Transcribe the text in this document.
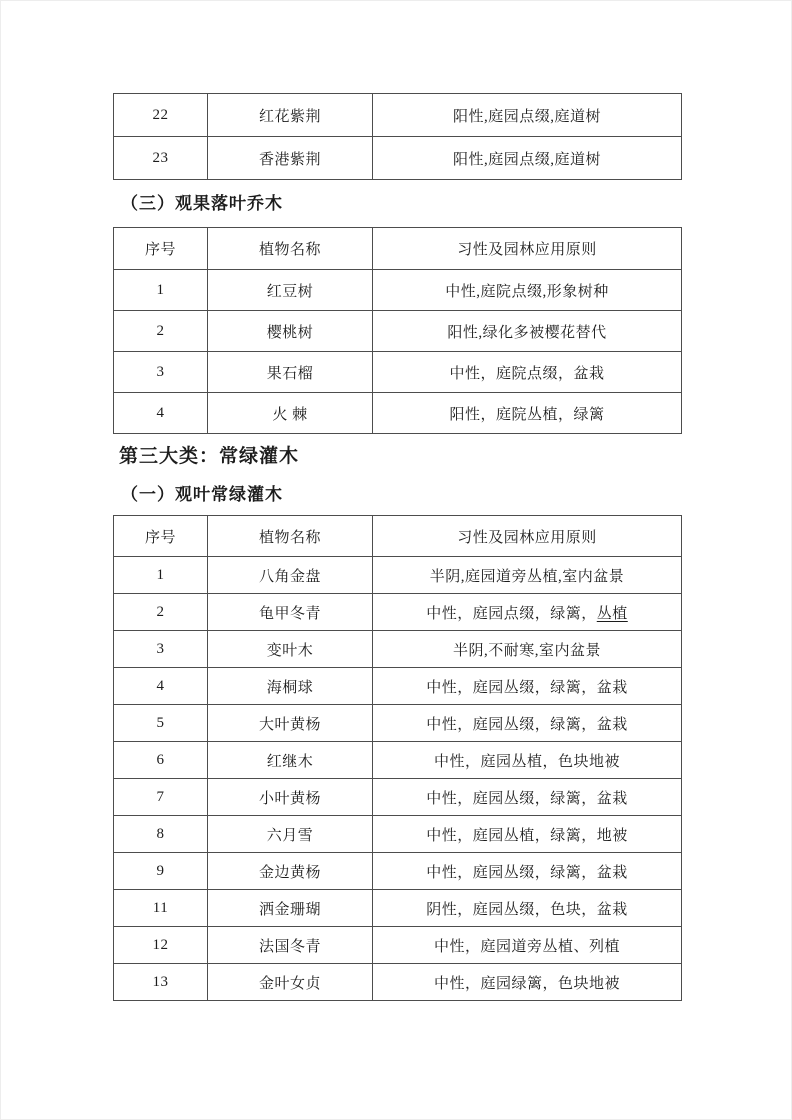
22	红花紫荆	阳性,庭园点缀,庭道树
23	香港紫荆	阳性,庭园点缀,庭道树
（三）观果落叶乔木
序号	植物名称	习性及园林应用原则
1	红豆树	中性,庭院点缀,形象树种
2	樱桃树	阳性,绿化多被樱花替代
3	果石榴	中性，庭院点缀，盆栽
4	火 棘	阳性，庭院丛植，绿篱
第三大类：常绿灌木
（一）观叶常绿灌木
序号	植物名称	习性及园林应用原则
1	八角金盘	半阴,庭园道旁丛植,室内盆景
2	龟甲冬青	中性，庭园点缀，绿篱，丛植
3	变叶木	半阴,不耐寒,室内盆景
4	海桐球	中性，庭园丛缀，绿篱，盆栽
5	大叶黄杨	中性，庭园丛缀，绿篱，盆栽
6	红继木	中性，庭园丛植，色块地被
7	小叶黄杨	中性，庭园丛缀，绿篱，盆栽
8	六月雪	中性，庭园丛植，绿篱，地被
9	金边黄杨	中性，庭园丛缀，绿篱，盆栽
11	洒金珊瑚	阴性，庭园丛缀，色块，盆栽
12	法国冬青	中性，庭园道旁丛植、列植
13	金叶女贞	中性，庭园绿篱，色块地被
